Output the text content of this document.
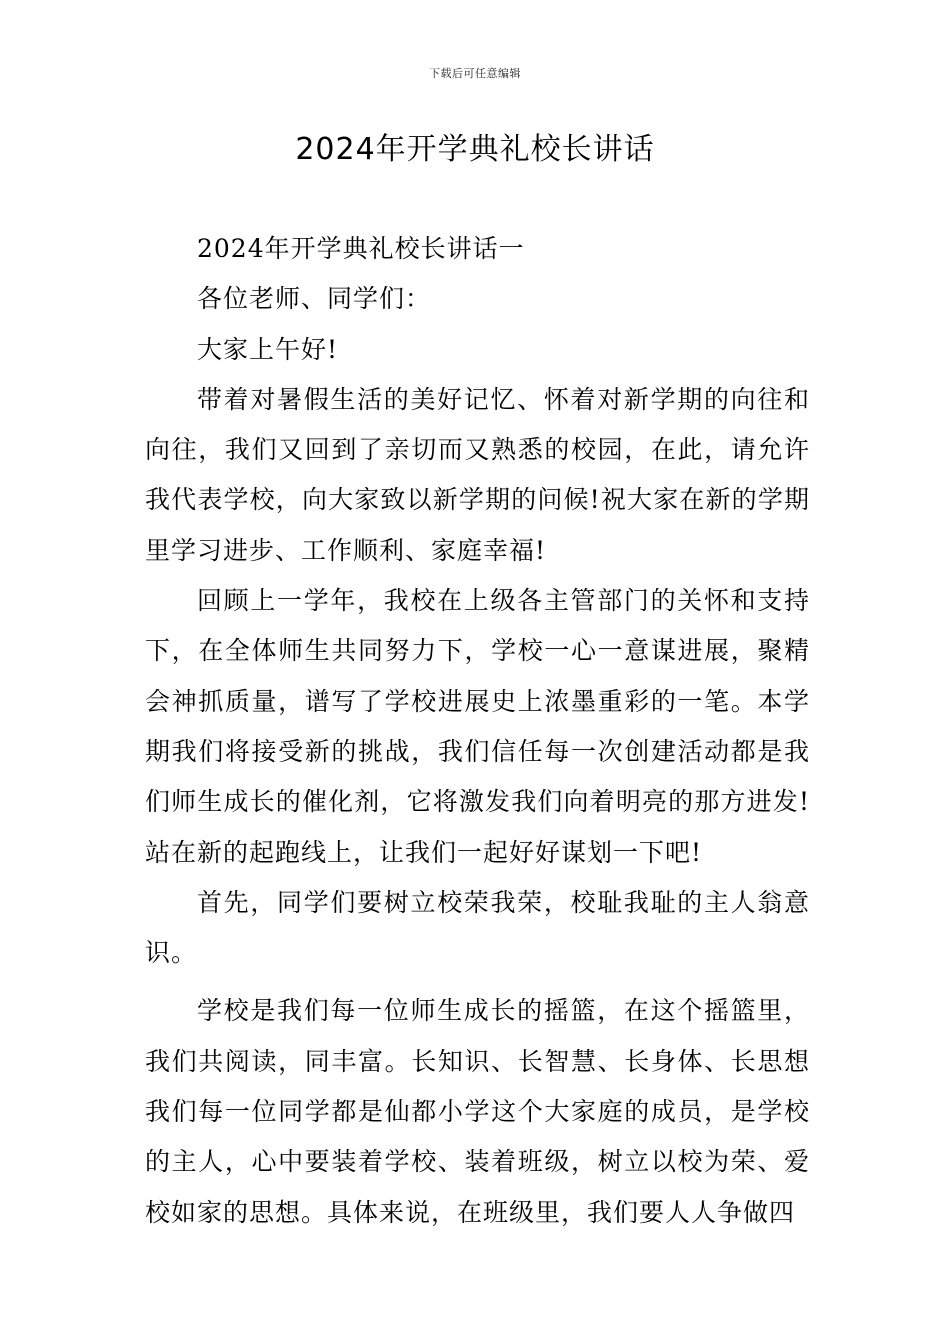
下载后可任意编辑
2024年开学典礼校长讲话

2024年开学典礼校长讲话一

各位老师、同学们：

大家上午好!

带着对暑假生活的美好记忆、怀着对新学期的向往和向往，我们又回到了亲切而又熟悉的校园，在此，请允许我代表学校，向大家致以新学期的问候!祝大家在新的学期里学习进步、工作顺利、家庭幸福!

回顾上一学年，我校在上级各主管部门的关怀和支持下，在全体师生共同努力下，学校一心一意谋进展，聚精会神抓质量，谱写了学校进展史上浓墨重彩的一笔。本学期我们将接受新的挑战，我们信任每一次创建活动都是我们师生成长的催化剂，它将激发我们向着明亮的那方进发!站在新的起跑线上，让我们一起好好谋划一下吧!

首先，同学们要树立校荣我荣，校耻我耻的主人翁意识。

学校是我们每一位师生成长的摇篮，在这个摇篮里，我们共阅读，同丰富。长知识、长智慧、长身体、长思想我们每一位同学都是仙都小学这个大家庭的成员，是学校的主人，心中要装着学校、装着班级，树立以校为荣、爱校如家的思想。具体来说，在班级里，我们要人人争做四
